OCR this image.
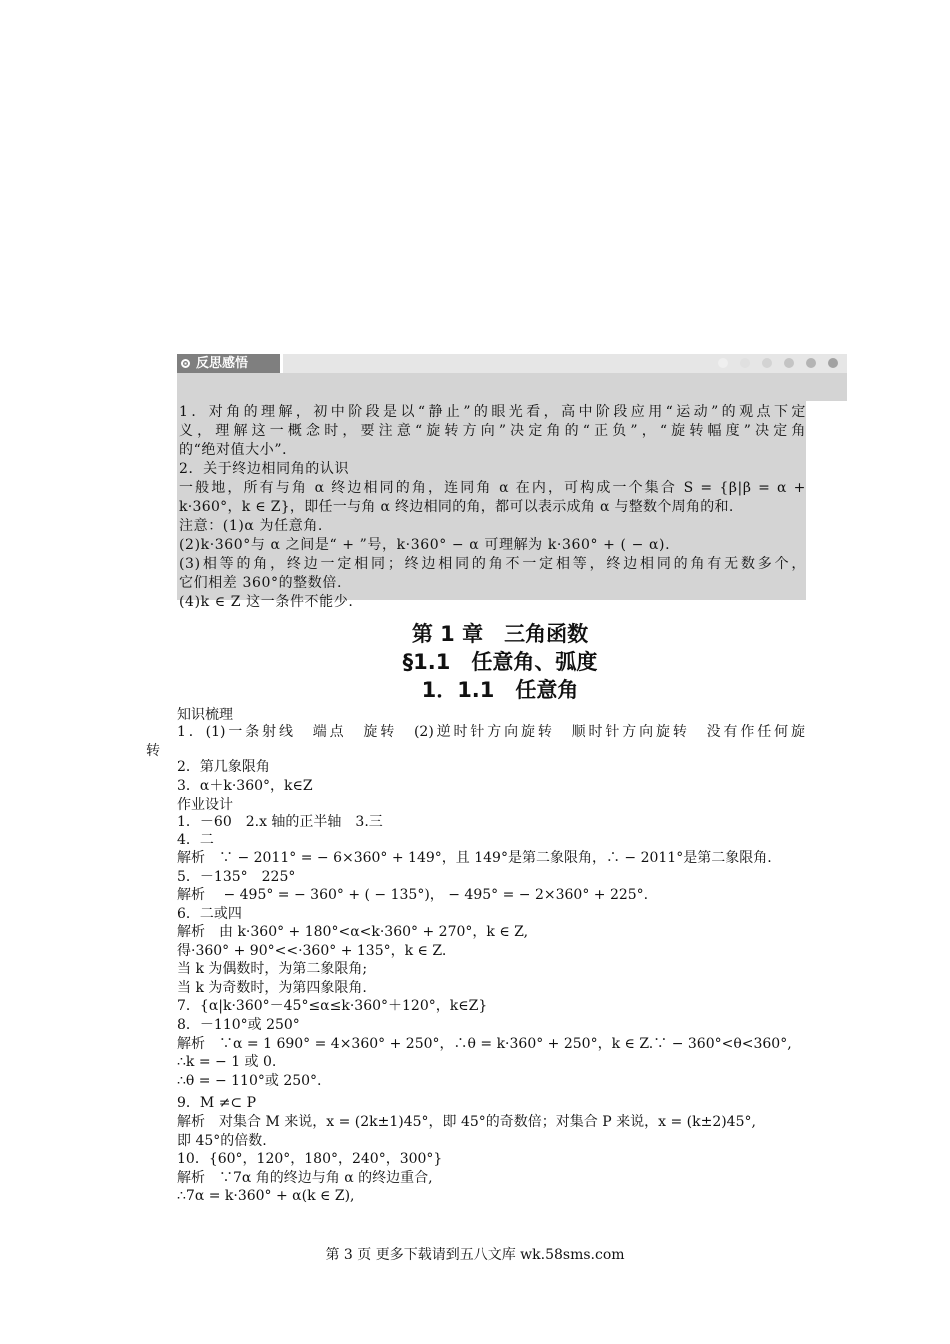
反思感悟
1．对角的理解，初中阶段是以“静止”的眼光看，高中阶段应用“运动”的观点下定
义，理解这一概念时，要注意“旋转方向”决定角的“正负”，“旋转幅度”决定角
的“绝对值大小”．
2．关于终边相同角的认识
一般地，所有与角 α 终边相同的角，连同角 α 在内，可构成一个集合 S = {β|β = α +
k·360°，k ∈ Z}，即任一与角 α 终边相同的角，都可以表示成角 α 与整数个周角的和.
注意：(1)α 为任意角.
(2)k·360°与 α 之间是“ + ”号，k·360° − α 可理解为 k·360° + ( − α).
(3)相等的角，终边一定相同；终边相同的角不一定相等，终边相同的角有无数多个，
它们相差 360°的整数倍.
(4)k ∈ Z 这一条件不能少.
第 1 章　三角函数
§1.1　任意角、弧度
1．1.1　任意角
知识梳理
1．(1)一条射线　端点　旋转　(2)逆时针方向旋转　顺时针方向旋转　没有作任何旋
转
2．第几象限角
3．α＋k·360°，k∈Z
作业设计
1．－60　2.x 轴的正半轴　3.三
4．二
解析　∵ − 2011° = − 6×360° + 149°，且 149°是第二象限角，∴ − 2011°是第二象限角.
5．－135°　225°
解析　 − 495° = − 360° + ( − 135°)， − 495° = − 2×360° + 225°.
6．二或四
解析　由 k·360° + 180°<α<k·360° + 270°，k ∈ Z,
得·360° + 90°<<·360° + 135°，k ∈ Z.
当 k 为偶数时，为第二象限角;
当 k 为奇数时，为第四象限角.
7．{α|k·360°－45°≤α≤k·360°＋120°，k∈Z}
8．－110°或 250°
解析　∵α = 1 690° = 4×360° + 250°，∴θ = k·360° + 250°，k ∈ Z.∵ − 360°<θ<360°,
∴k = − 1 或 0.
∴θ = − 110°或 250°.
9．M ≠⊂ P
解析　对集合 M 来说，x = (2k±1)45°，即 45°的奇数倍；对集合 P 来说，x = (k±2)45°,
即 45°的倍数.
10．{60°，120°，180°，240°，300°}
解析　∵7α 角的终边与角 α 的终边重合,
∴7α = k·360° + α(k ∈ Z),
第 3 页 更多下载请到五八文库 wk.58sms.com
